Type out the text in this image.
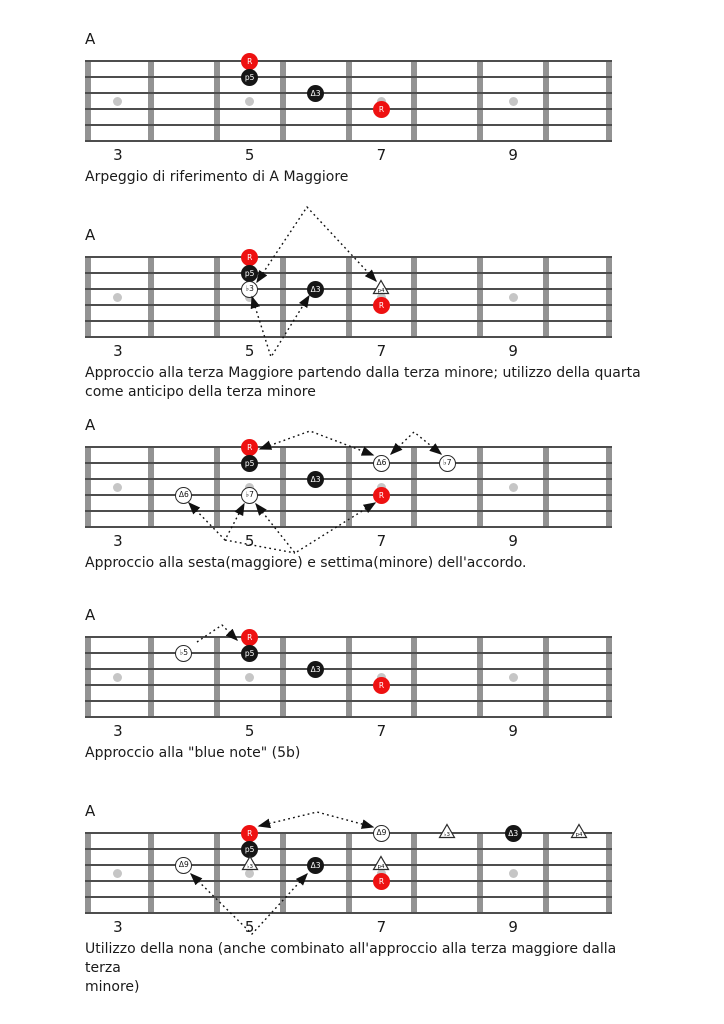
A
R
p5
Δ3
R
3	5	7	9
Arpeggio di riferimento di A Maggiore
A
R
p5
♭3	Δ3	p4
R
3	5	7	9
Approccio alla terza Maggiore partendo dalla terza minore; utilizzo della quarta
come anticipo della terza minore
A
R
p5	Δ6	♭7
Δ3
Δ6	♭7	R
3	5	7	9
Approccio alla sesta(maggiore) e settima(minore) dell'accordo.
A
♭5
R
p5
Δ3
R
3	5	7	9
Approccio alla "blue note" (5b)
A
R	Δ9	♭3	Δ3	p4
p5
Δ9	♭3	Δ3	p4
R
3	5	7	9
Utilizzo della nona (anche combinato all'approccio alla terza maggiore dalla terza
minore)
